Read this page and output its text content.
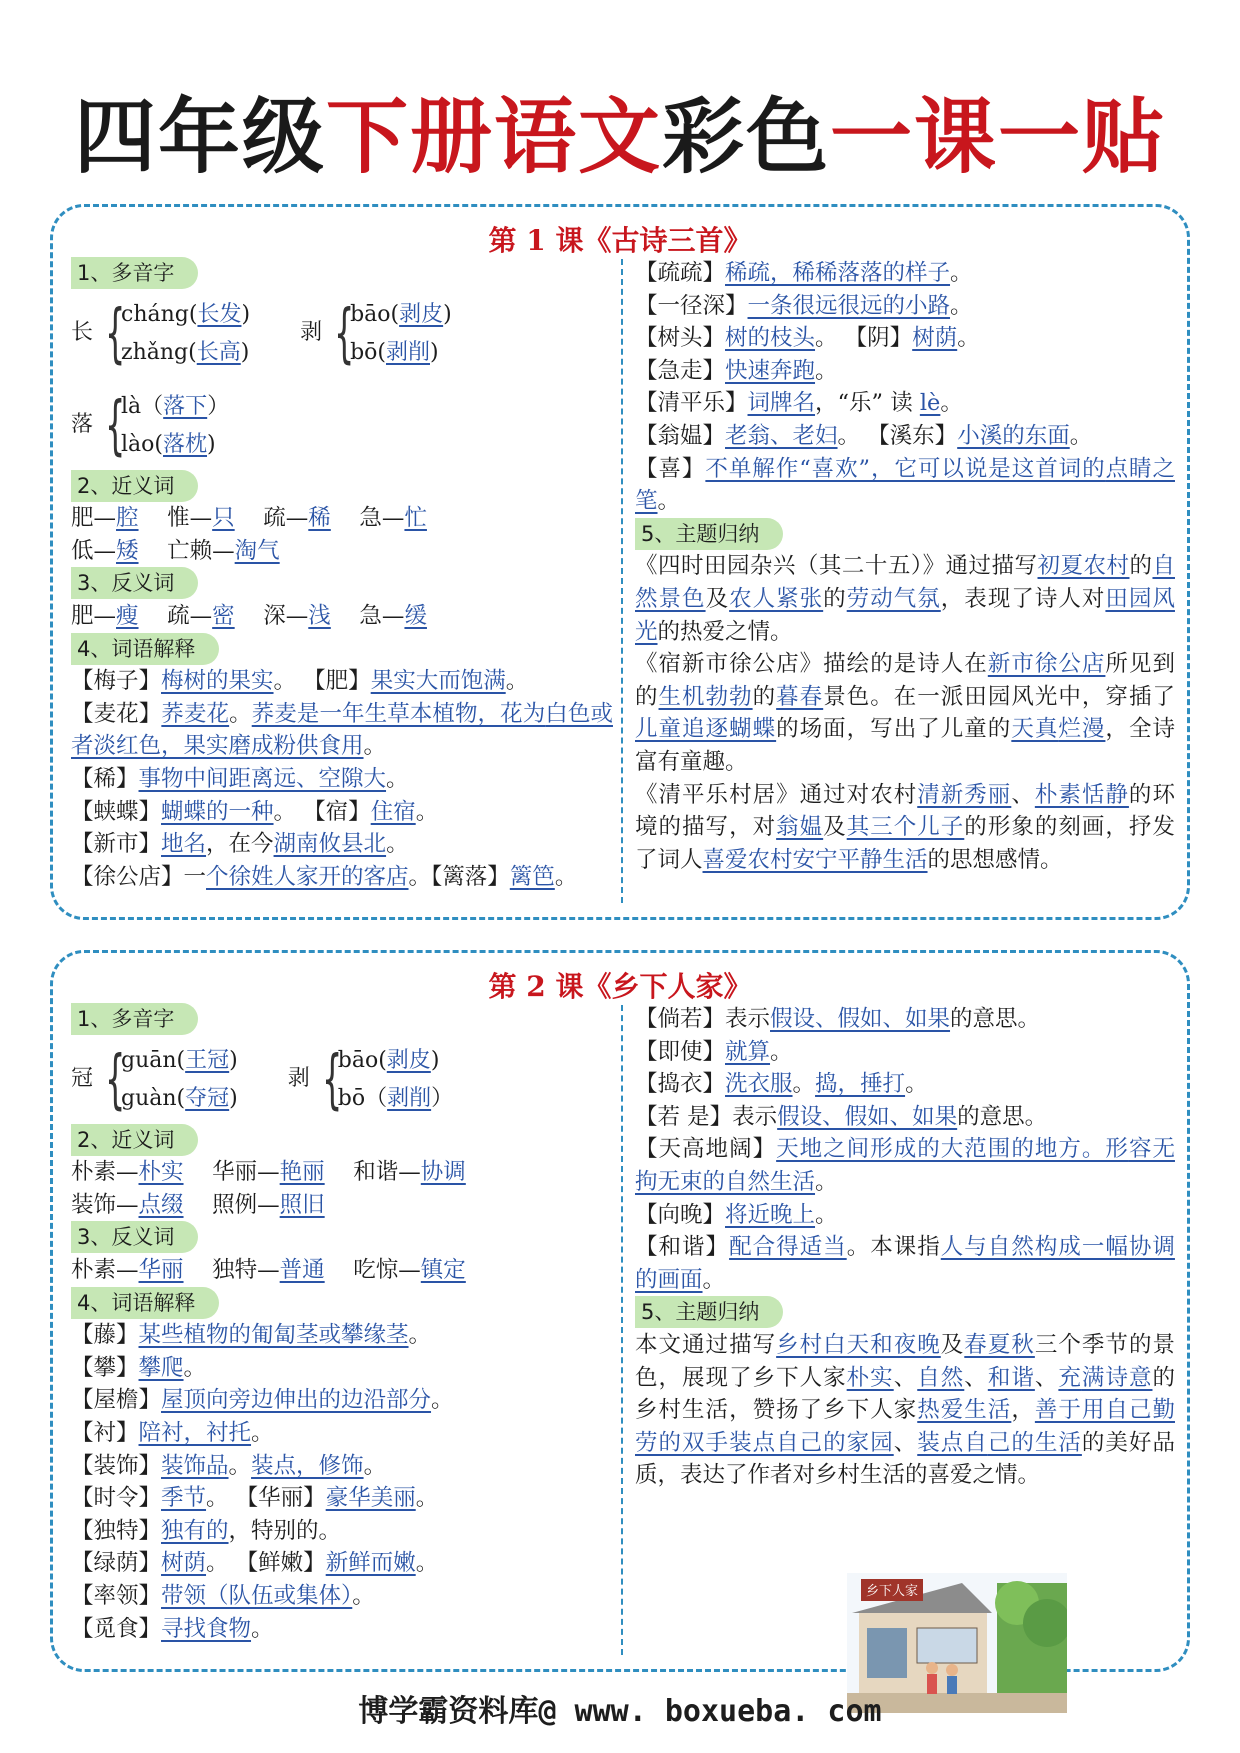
四年级下册语文彩色一课一贴
第 1 课《古诗三首》
1、多音字
长 {
cháng(长发)
zhǎng(长高)
剥 {
bāo(剥皮)
bō(剥削)
落 {
là（落下）
lào(落枕)
2、近义词
肥—腔 惟—只 疏—稀 急—忙
低—矮 亡赖—淘气
3、反义词
肥—瘦 疏—密 深—浅 急—缓
4、词语解释
【梅子】梅树的果实。 【肥】果实大而饱满。
【麦花】荞麦花。荞麦是一年生草本植物，花为白色或者淡红色，果实磨成粉供食用。
【稀】事物中间距离远、空隙大。
【蛱蝶】蝴蝶的一种。 【宿】住宿。
【新市】地名，在今湖南攸县北。
【徐公店】一个徐姓人家开的客店。【篱落】篱笆。
【疏疏】稀疏，稀稀落落的样子。
【一径深】一条很远很远的小路。
【树头】树的枝头。 【阴】树荫。
【急走】快速奔跑。
【清平乐】词牌名，“乐” 读 lè。
【翁媪】老翁、老妇。 【溪东】小溪的东面。
【喜】不单解作“喜欢”，它可以说是这首词的点睛之笔。
5、主题归纳
《四时田园杂兴（其二十五）》通过描写初夏农村的自然景色及农人紧张的劳动气氛，表现了诗人对田园风光的热爱之情。
《宿新市徐公店》描绘的是诗人在新市徐公店所见到的生机勃勃的暮春景色。在一派田园风光中，穿插了儿童追逐蝴蝶的场面，写出了儿童的天真烂漫，全诗富有童趣。
《清平乐村居》通过对农村清新秀丽、朴素恬静的环境的描写，对翁媪及其三个儿子的形象的刻画，抒发了词人喜爱农村安宁平静生活的思想感情。
第 2 课《乡下人家》
1、多音字
冠 {
guān(王冠)
guàn(夺冠)
剥 {
bāo(剥皮)
bō（剥削）
2、近义词
朴素—朴实 华丽—艳丽 和谐—协调
装饰—点缀 照例—照旧
3、反义词
朴素—华丽 独特—普通 吃惊—镇定
4、词语解释
【藤】某些植物的匍匐茎或攀缘茎。
【攀】攀爬。
【屋檐】屋顶向旁边伸出的边沿部分。
【衬】陪衬，衬托。
【装饰】装饰品。装点，修饰。
【时令】季节。 【华丽】豪华美丽。
【独特】独有的，特别的。
【绿荫】树荫。 【鲜嫩】新鲜而嫩。
【率领】带领（队伍或集体）。
【觅食】寻找食物。
【倘若】表示假设、假如、如果的意思。
【即使】就算。
【捣衣】洗衣服。捣，捶打。
【若 是】表示假设、假如、如果的意思。
【天高地阔】天地之间形成的大范围的地方。形容无拘无束的自然生活。
【向晚】将近晚上。
【和谐】配合得适当。本课指人与自然构成一幅协调的画面。
5、主题归纳
本文通过描写乡村白天和夜晚及春夏秋三个季节的景色，展现了乡下人家朴实、自然、和谐、充满诗意的乡村生活，赞扬了乡下人家热爱生活，善于用自己勤劳的双手装点自己的家园、装点自己的生活的美好品质，表达了作者对乡村生活的喜爱之情。
乡下人家
博学霸资料库@ www. boxueba. com
